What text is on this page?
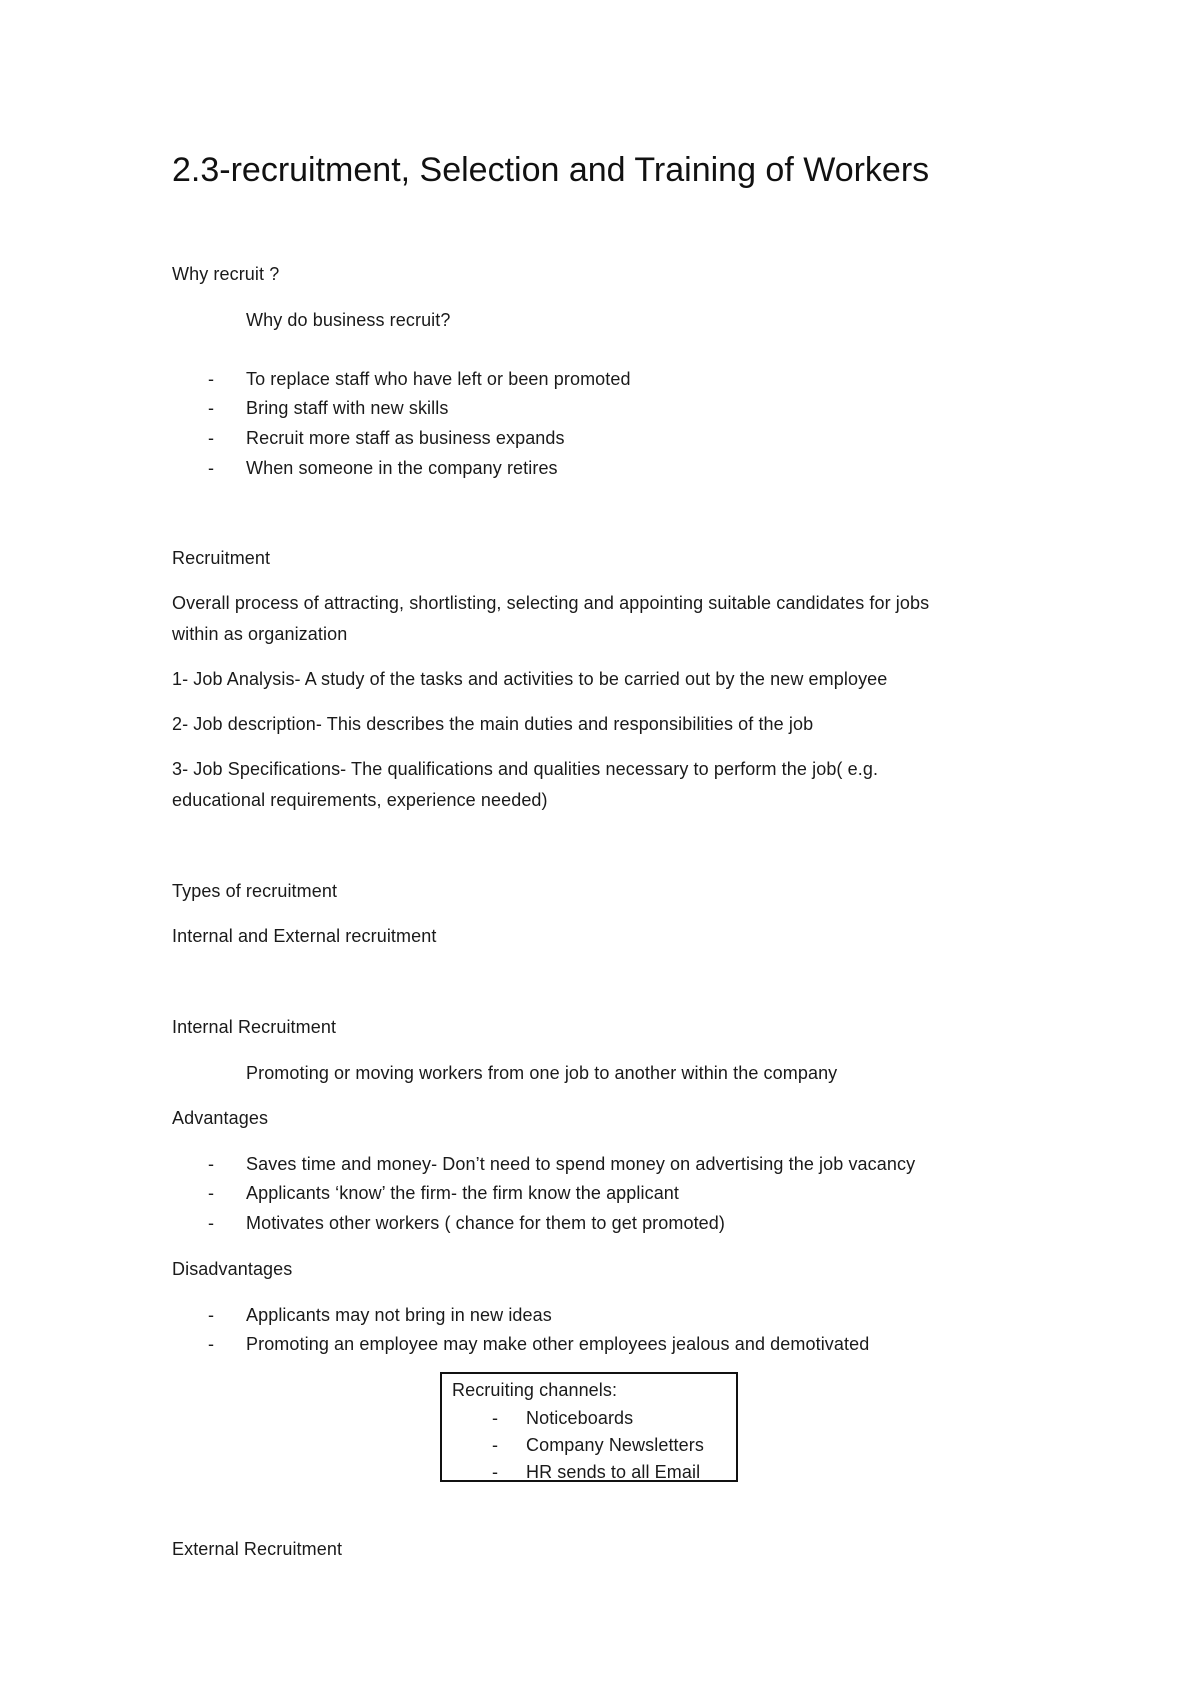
2.3-recruitment, Selection and Training of Workers
Why recruit ?
Why do business recruit?
- To replace staff who have left or been promoted
- Bring staff with new skills
- Recruit more staff as business expands
- When someone in the company retires
Recruitment
Overall process of attracting, shortlisting, selecting and appointing suitable candidates for jobs
within as organization
1- Job Analysis- A study of the tasks and activities to be carried out by the new employee
2- Job description- This describes the main duties and responsibilities of the job
3- Job Specifications- The qualifications and qualities necessary to perform the job( e.g.
educational requirements, experience needed)
Types of recruitment
Internal and External recruitment
Internal Recruitment
Promoting or moving workers from one job to another within the company
Advantages
- Saves time and money- Don’t need to spend money on advertising the job vacancy
- Applicants ‘know’ the firm- the firm know the applicant
- Motivates other workers ( chance for them to get promoted)
Disadvantages
- Applicants may not bring in new ideas
- Promoting an employee may make other employees jealous and demotivated
Recruiting channels:
- Noticeboards
- Company Newsletters
- HR sends to all Email
External Recruitment
